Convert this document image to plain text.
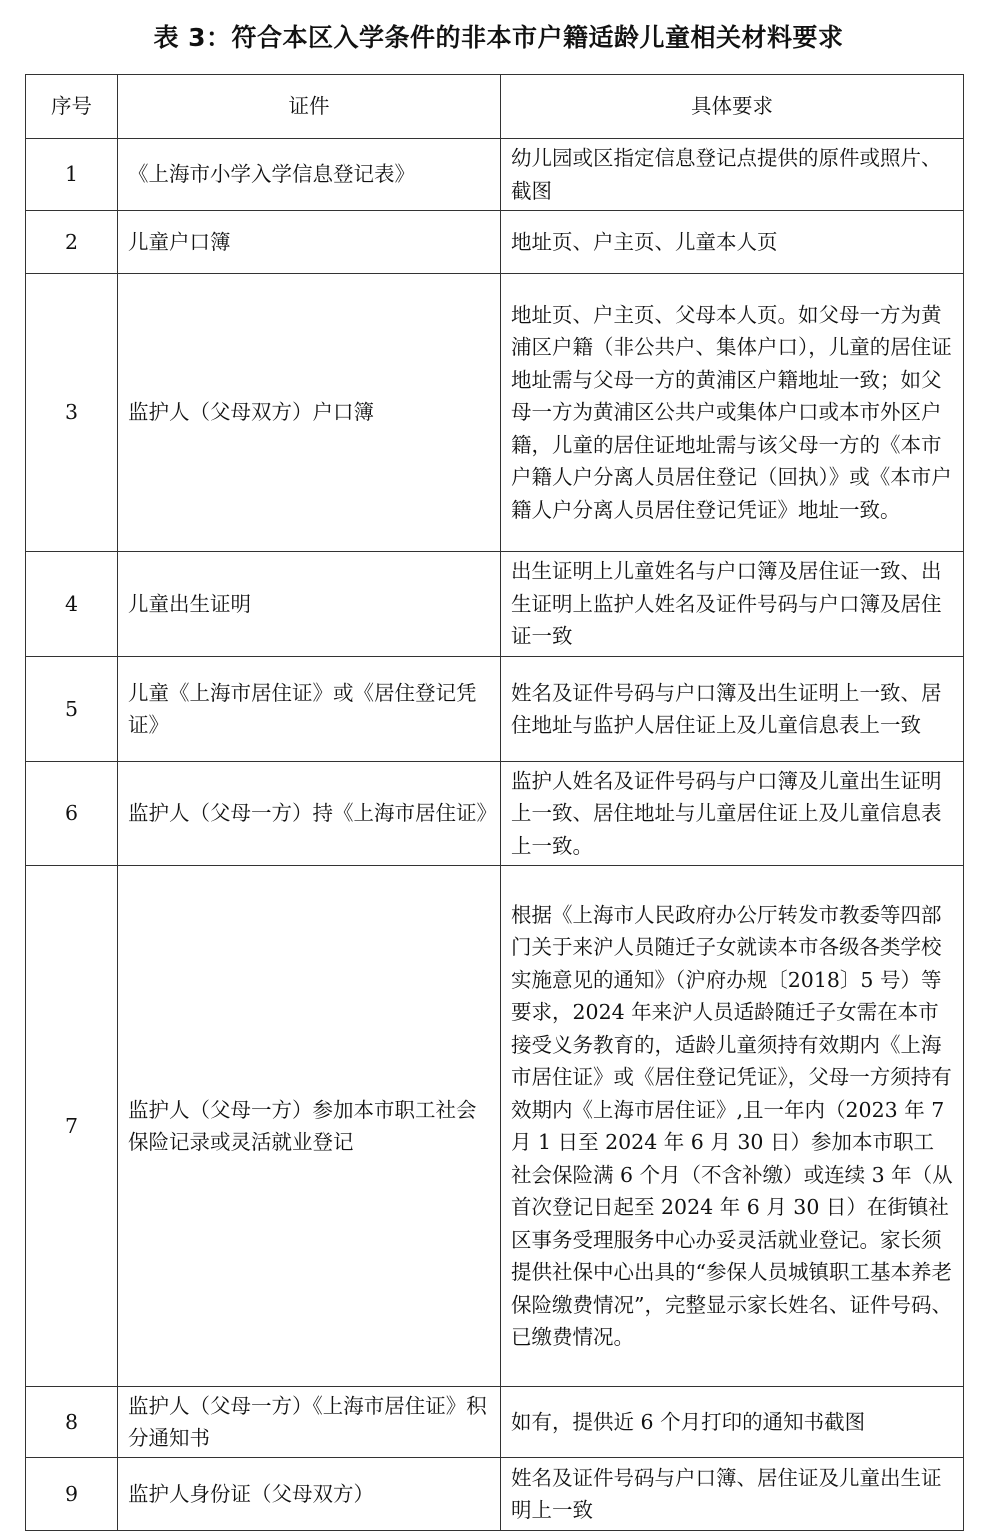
表 3：符合本区入学条件的非本市户籍适龄儿童相关材料要求
序号	证件	具体要求
1	《上海市小学入学信息登记表》	幼儿园或区指定信息登记点提供的原件或照片、截图
2	儿童户口簿	地址页、户主页、儿童本人页
3	监护人（父母双方）户口簿	地址页、户主页、父母本人页。如父母一方为黄浦区户籍（非公共户、集体户口），儿童的居住证地址需与父母一方的黄浦区户籍地址一致；如父母一方为黄浦区公共户或集体户口或本市外区户籍，儿童的居住证地址需与该父母一方的《本市户籍人户分离人员居住登记（回执）》或《本市户籍人户分离人员居住登记凭证》地址一致。
4	儿童出生证明	出生证明上儿童姓名与户口簿及居住证一致、出生证明上监护人姓名及证件号码与户口簿及居住证一致
5	儿童《上海市居住证》或《居住登记凭证》	姓名及证件号码与户口簿及出生证明上一致、居住地址与监护人居住证上及儿童信息表上一致
6	监护人（父母一方）持《上海市居住证》	监护人姓名及证件号码与户口簿及儿童出生证明上一致、居住地址与儿童居住证上及儿童信息表上一致。
7	监护人（父母一方）参加本市职工社会保险记录或灵活就业登记	根据《上海市人民政府办公厅转发市教委等四部门关于来沪人员随迁子女就读本市各级各类学校实施意见的通知》（沪府办规〔2018〕5 号）等要求，2024 年来沪人员适龄随迁子女需在本市接受义务教育的，适龄儿童须持有效期内《上海市居住证》或《居住登记凭证》，父母一方须持有效期内《上海市居住证》,且一年内（2023 年 7 月 1 日至 2024 年 6 月 30 日）参加本市职工社会保险满 6 个月（不含补缴）或连续 3 年（从首次登记日起至 2024 年 6 月 30 日）在街镇社区事务受理服务中心办妥灵活就业登记。家长须提供社保中心出具的“参保人员城镇职工基本养老保险缴费情况”，完整显示家长姓名、证件号码、已缴费情况。
8	监护人（父母一方）《上海市居住证》积分通知书	如有，提供近 6 个月打印的通知书截图
9	监护人身份证（父母双方）	姓名及证件号码与户口簿、居住证及儿童出生证明上一致
